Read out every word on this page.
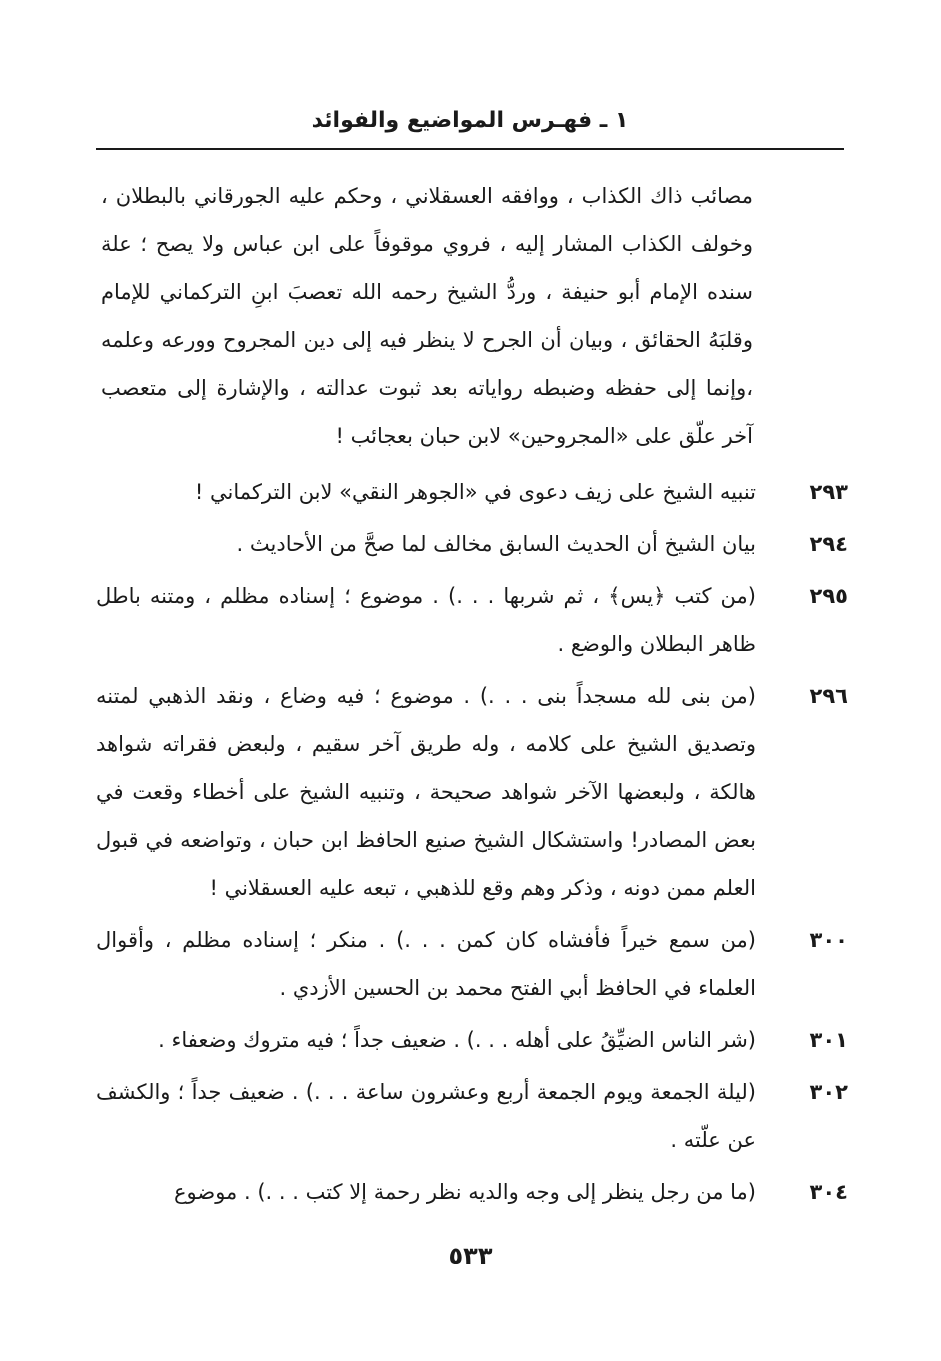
١ ـ فهـرس المواضيع والفوائد

مصائب ذاك الكذاب ، ووافقه العسقلاني ، وحكم عليه الجورقاني بالبطلان ، وخولف الكذاب المشار إليه ، فروي موقوفاً على ابن عباس ولا يصح ؛ علة سنده الإمام أبو حنيفة ، وردُّ الشيخ رحمه الله تعصبَ ابنِ التركماني للإمام وقلبَهُ الحقائق ، وبيان أن الجرح لا ينظر فيه إلى دين المجروح وورعه وعلمه ،وإنما إلى حفظه وضبطه رواياته بعد ثبوت عدالته ، والإشارة إلى متعصب آخر علّق على «المجروحين» لابن حبان بعجائب !

٢٩٣
تنبيه الشيخ على زيف دعوى في «الجوهر النقي» لابن التركماني !
٢٩٤
بيان الشيخ أن الحديث السابق مخالف لما صحَّ من الأحاديث .
٢٩٥
(من كتب ﴿يس﴾ ، ثم شربها . . .) . موضوع ؛ إسناده مظلم ، ومتنه باطل ظاهر البطلان والوضع .
٢٩٦
(من بنى لله مسجداً بنى . . .) . موضوع ؛ فيه وضاع ، ونقد الذهبي لمتنه وتصديق الشيخ على كلامه ، وله طريق آخر سقيم ، ولبعض فقراته شواهد هالكة ، ولبعضها الآخر شواهد صحيحة ، وتنبيه الشيخ على أخطاء وقعت في بعض المصادر! واستشكال الشيخ صنيع الحافظ ابن حبان ، وتواضعه في قبول العلم ممن دونه ، وذكر وهم وقع للذهبي ، تبعه عليه العسقلاني !
٣٠٠
(من سمع خيراً فأفشاه كان كمن . . .) . منكر ؛ إسناده مظلم ، وأقوال العلماء في الحافظ أبي الفتح محمد بن الحسين الأزدي .
٣٠١
(شر الناس الضيِّقُ على أهله . . .) . ضعيف جداً ؛ فيه متروك وضعفاء .
٣٠٢
(ليلة الجمعة ويوم الجمعة أربع وعشرون ساعة . . .) . ضعيف جداً ؛ والكشف عن علّته .
٣٠٤
(ما من رجل ينظر إلى وجه والديه نظر رحمة إلا كتب . . .) . موضوع
٥٣٣
